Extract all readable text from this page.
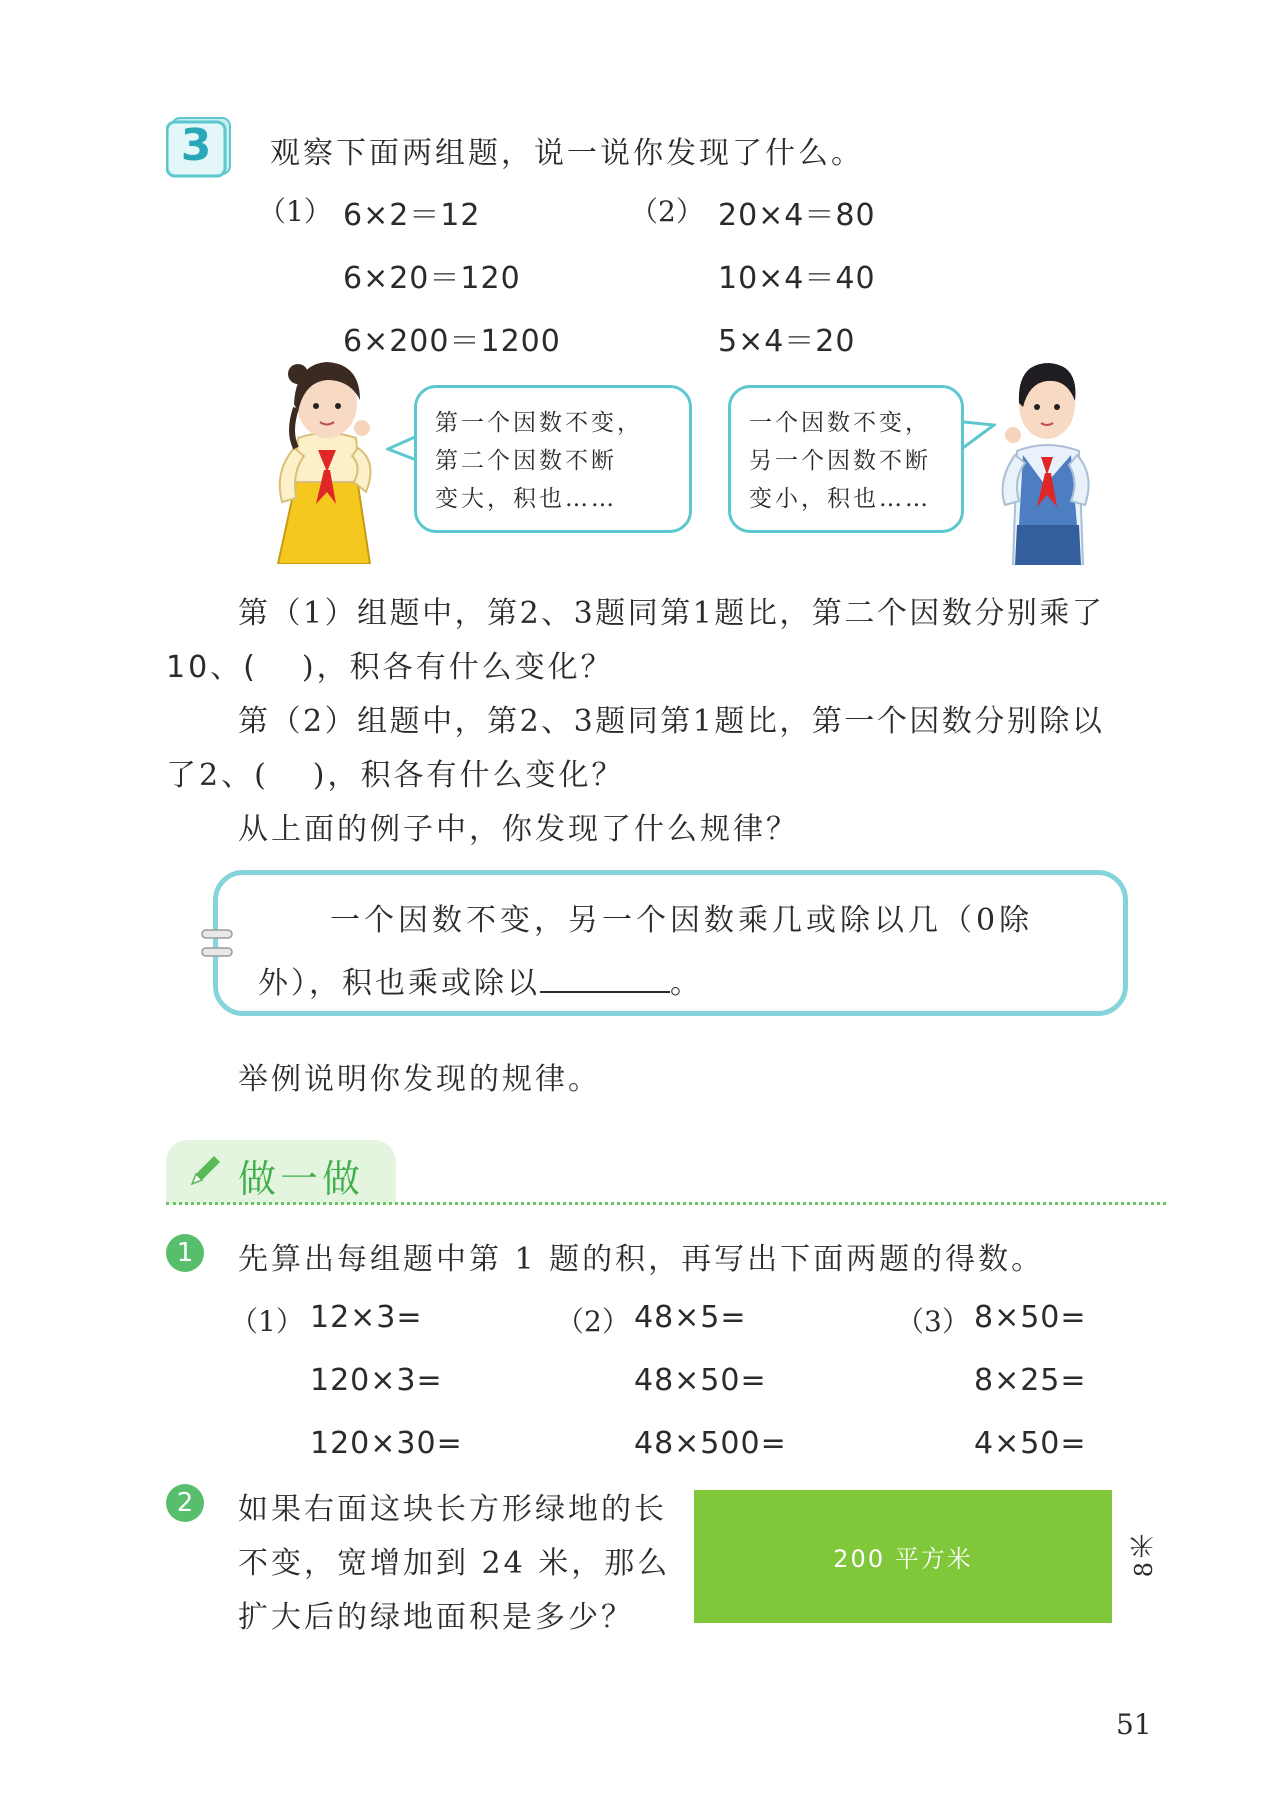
3	观察下面两组题，说一说你发现了什么。
（1） 6×2＝12
6×20＝120
6×200＝1200
（2） 20×4＝80
10×4＝40
5×4＝20
第一个因数不变，
第二个因数不断
变大，积也……
一个因数不变，
另一个因数不断
变小，积也……
第（1）组题中，第2、3题同第1题比，第二个因数分别乘了
10、( )，积各有什么变化？
第（2）组题中，第2、3题同第1题比，第一个因数分别除以
了2、( )，积各有什么变化？
从上面的例子中，你发现了什么规律？
一个因数不变，另一个因数乘几或除以几（0除
外），积也乘或除以	。
举例说明你发现的规律。
做一做
1	先算出每组题中第 1 题的积，再写出下面两题的得数。
（1） 12×3=
120×3=
120×30=
（2） 48×5=
48×50=
48×500=
（3） 8×50=
8×25=
4×50=
2	如果右面这块长方形绿地的长
不变，宽增加到 24 米，那么
扩大后的绿地面积是多少？
200 平方米	8米
51
